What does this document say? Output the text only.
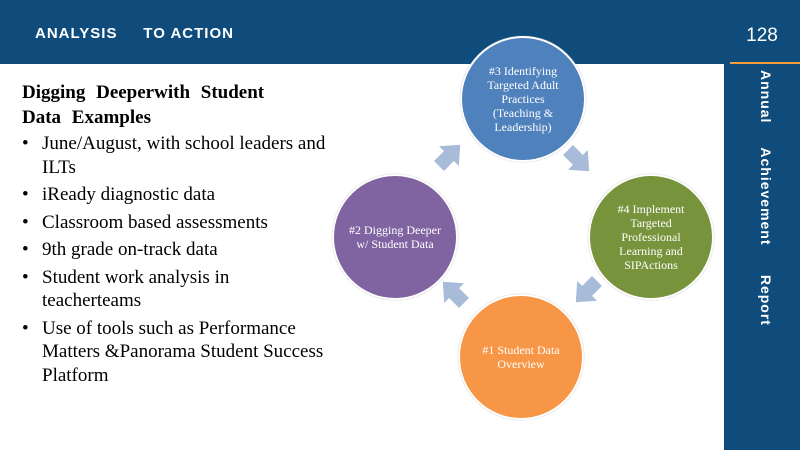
ANALYSIS     TO ACTION	128
Annual     Achievement      Report
Digging Deeperwith Student
Data Examples
• June/August, with school leaders and ILTs
• iReady diagnostic data
• Classroom based assessments
• 9th grade on-track data
• Student work analysis in teacherteams
• Use of tools such as Performance Matters &Panorama Student Success Platform
#3 Identifying Targeted Adult Practices (Teaching & Leadership)
#4 Implement Targeted Professional Learning and SIPActions
#1 Student Data Overview
#2 Digging Deeper w/ Student Data
